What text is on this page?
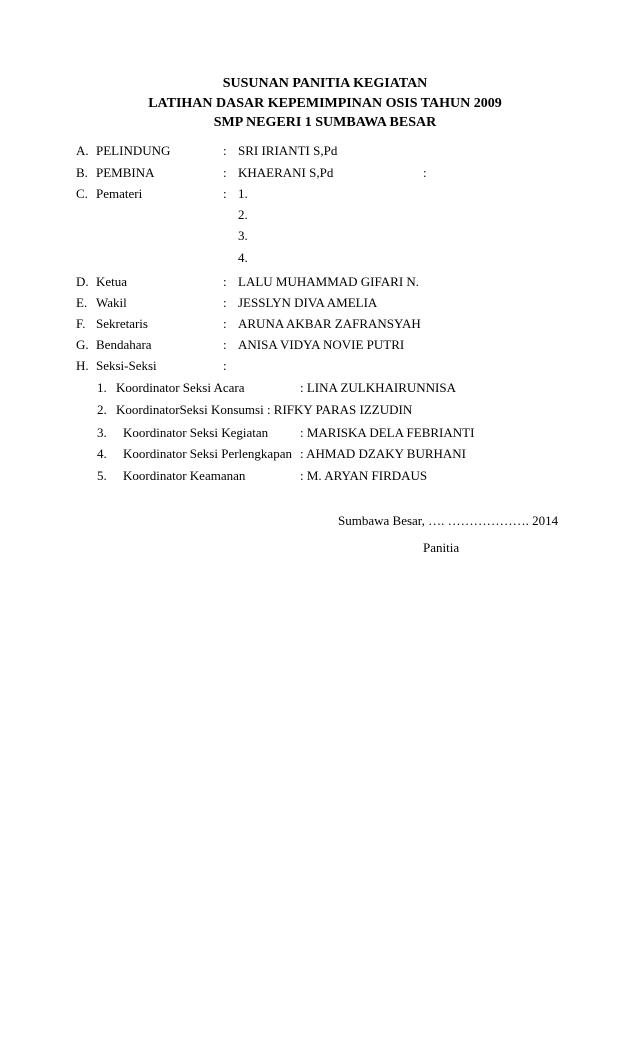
SUSUNAN PANITIA KEGIATAN
LATIHAN DASAR KEPEMIMPINAN OSIS TAHUN 2009
SMP NEGERI 1 SUMBAWA BESAR
A. PELINDUNG	: SRI IRIANTI S,Pd
B. PEMBINA	: KHAERANI S,Pd	:
C. Pemateri	: 1.
2.
3.
4.
D. Ketua	: LALU MUHAMMAD GIFARI N.
E. Wakil	: JESSLYN DIVA AMELIA
F. Sekretaris	: ARUNA AKBAR ZAFRANSYAH
G. Bendahara	: ANISA VIDYA NOVIE PUTRI
H. Seksi-Seksi	:
1. Koordinator Seksi Acara	: LINA ZULKHAIRUNNISA
2. KoordinatorSeksi Konsumsi : RIFKY PARAS IZZUDIN
3. Koordinator Seksi Kegiatan : MARISKA DELA FEBRIANTI
4. Koordinator Seksi Perlengkapan : AHMAD DZAKY BURHANI
5. Koordinator Keamanan	: M. ARYAN FIRDAUS
Sumbawa Besar, …. ………………. 2014
Panitia
